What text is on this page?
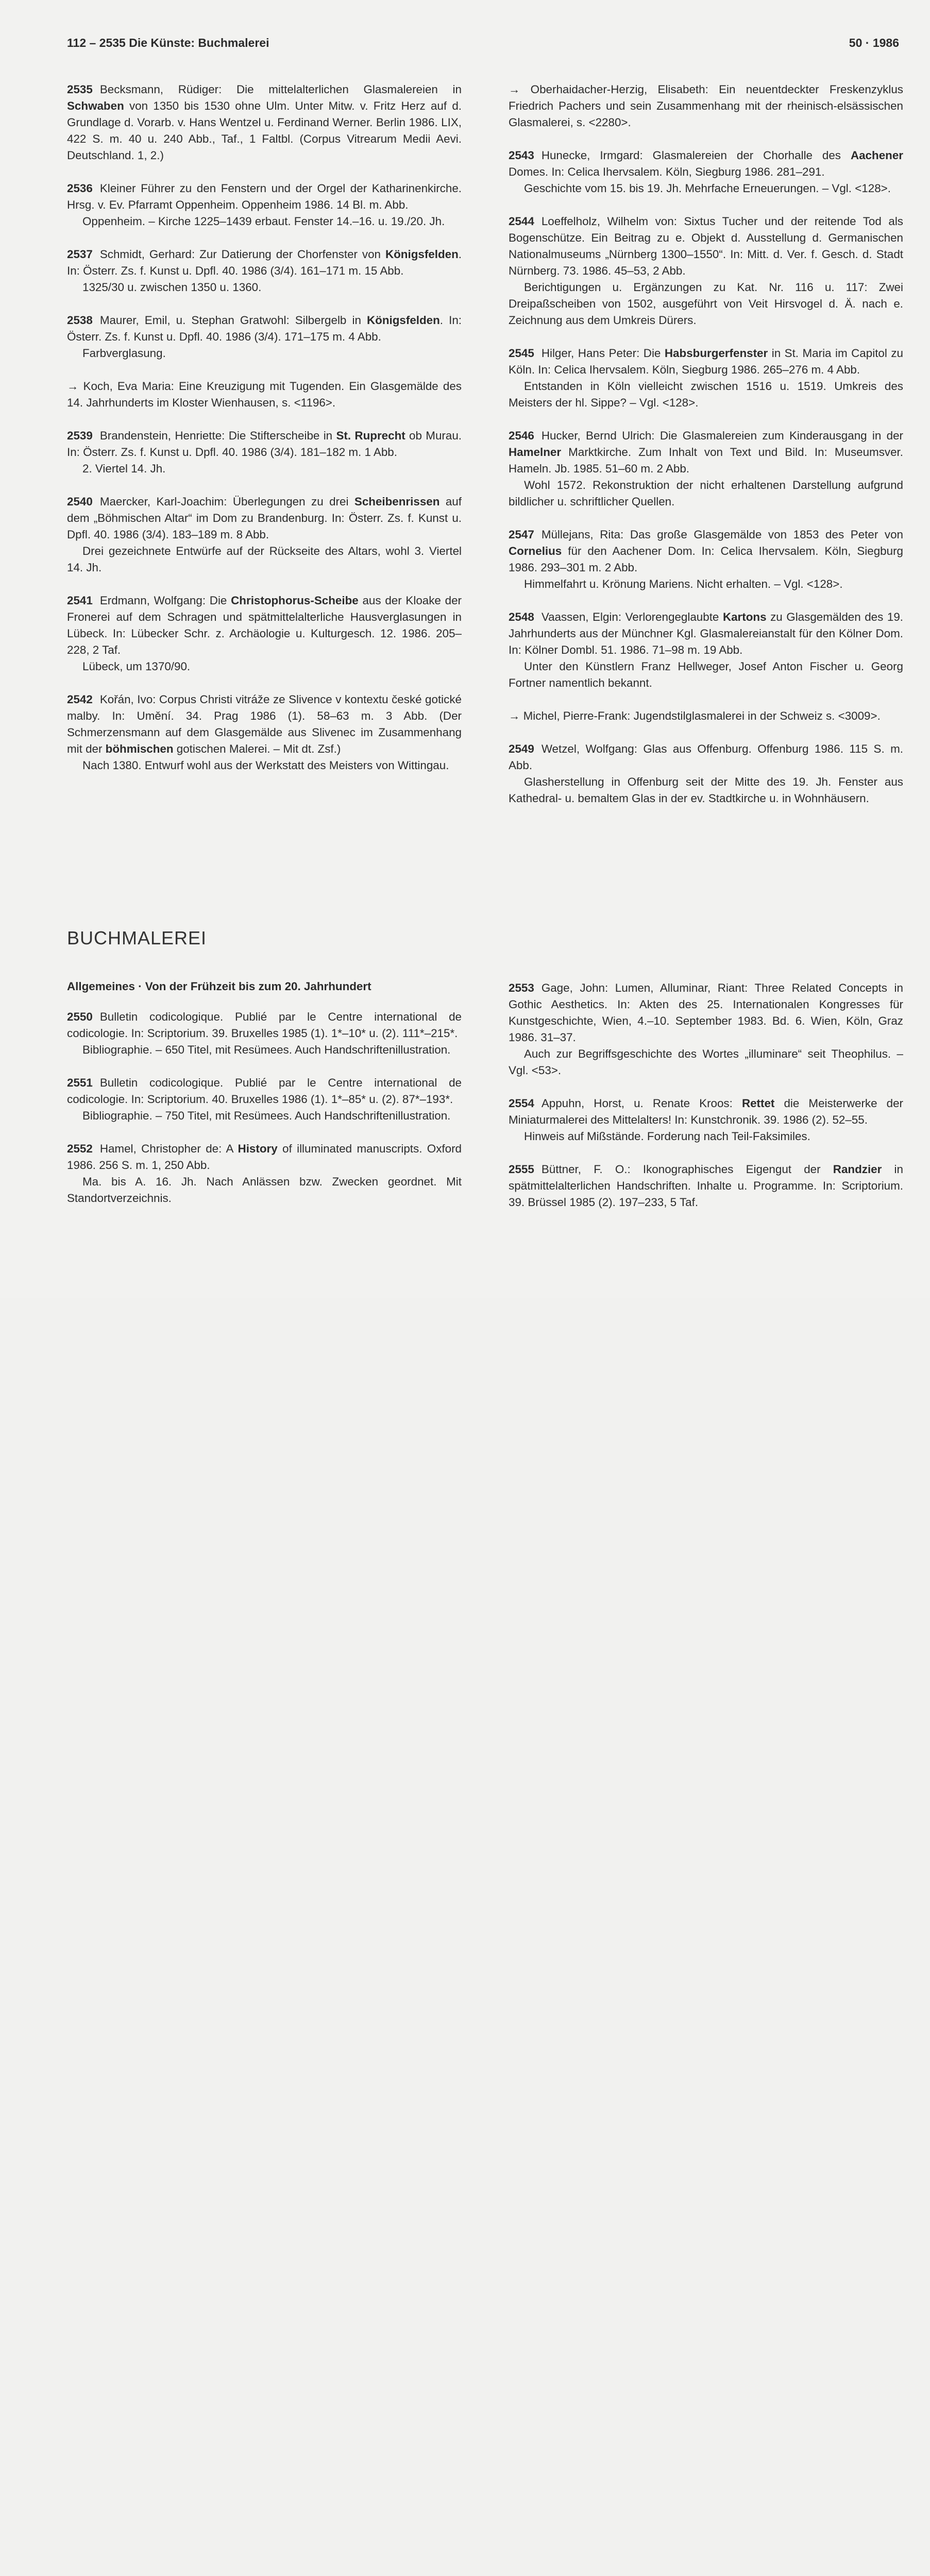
112 – 2535 Die Künste: Buchmalerei	50 · 1986
2535 Becksmann, Rüdiger: Die mittelalterlichen Glasmalereien in Schwaben von 1350 bis 1530 ohne Ulm. Unter Mitw. v. Fritz Herz auf d. Grundlage d. Vorarb. v. Hans Wentzel u. Ferdinand Werner. Berlin 1986. LIX, 422 S. m. 40 u. 240 Abb., Taf., 1 Faltbl. (Corpus Vitrearum Medii Aevi. Deutschland. 1, 2.)
2536 Kleiner Führer zu den Fenstern und der Orgel der Katharinenkirche. Hrsg. v. Ev. Pfarramt Oppenheim. Oppenheim 1986. 14 Bl. m. Abb.
Oppenheim. – Kirche 1225–1439 erbaut. Fenster 14.–16. u. 19./20. Jh.
2537 Schmidt, Gerhard: Zur Datierung der Chorfenster von Königsfelden. In: Österr. Zs. f. Kunst u. Dpfl. 40. 1986 (3/4). 161–171 m. 15 Abb.
1325/30 u. zwischen 1350 u. 1360.
2538 Maurer, Emil, u. Stephan Gratwohl: Silbergelb in Königsfelden. In: Österr. Zs. f. Kunst u. Dpfl. 40. 1986 (3/4). 171–175 m. 4 Abb.
Farbverglasung.
→ Koch, Eva Maria: Eine Kreuzigung mit Tugenden. Ein Glasgemälde des 14. Jahrhunderts im Kloster Wienhausen, s. <1196>.
2539 Brandenstein, Henriette: Die Stifterscheibe in St. Ruprecht ob Murau. In: Österr. Zs. f. Kunst u. Dpfl. 40. 1986 (3/4). 181–182 m. 1 Abb.
2. Viertel 14. Jh.
2540 Maercker, Karl-Joachim: Überlegungen zu drei Scheibenrissen auf dem „Böhmischen Altar“ im Dom zu Brandenburg. In: Österr. Zs. f. Kunst u. Dpfl. 40. 1986 (3/4). 183–189 m. 8 Abb.
Drei gezeichnete Entwürfe auf der Rückseite des Altars, wohl 3. Viertel 14. Jh.
2541 Erdmann, Wolfgang: Die Christophorus-Scheibe aus der Kloake der Fronerei auf dem Schragen und spätmittelalterliche Hausverglasungen in Lübeck. In: Lübecker Schr. z. Archäologie u. Kulturgesch. 12. 1986. 205–228, 2 Taf.
Lübeck, um 1370/90.
2542 Kořán, Ivo: Corpus Christi vitráže ze Slivence v kontextu české gotické malby. In: Umění. 34. Prag 1986 (1). 58–63 m. 3 Abb. (Der Schmerzensmann auf dem Glasgemälde aus Slivenec im Zusammenhang mit der böhmischen gotischen Malerei. – Mit dt. Zsf.)
Nach 1380. Entwurf wohl aus der Werkstatt des Meisters von Wittingau.
→ Oberhaidacher-Herzig, Elisabeth: Ein neuentdeckter Freskenzyklus Friedrich Pachers und sein Zusammenhang mit der rheinisch-elsässischen Glasmalerei, s. <2280>.
2543 Hunecke, Irmgard: Glasmalereien der Chorhalle des Aachener Domes. In: Celica Ihervsalem. Köln, Siegburg 1986. 281–291.
Geschichte vom 15. bis 19. Jh. Mehrfache Erneuerungen. – Vgl. <128>.
2544 Loeffelholz, Wilhelm von: Sixtus Tucher und der reitende Tod als Bogenschütze. Ein Beitrag zu e. Objekt d. Ausstellung d. Germanischen Nationalmuseums „Nürnberg 1300–1550“. In: Mitt. d. Ver. f. Gesch. d. Stadt Nürnberg. 73. 1986. 45–53, 2 Abb.
Berichtigungen u. Ergänzungen zu Kat. Nr. 116 u. 117: Zwei Dreipaßscheiben von 1502, ausgeführt von Veit Hirsvogel d. Ä. nach e. Zeichnung aus dem Umkreis Dürers.
2545 Hilger, Hans Peter: Die Habsburgerfenster in St. Maria im Capitol zu Köln. In: Celica Ihervsalem. Köln, Siegburg 1986. 265–276 m. 4 Abb.
Entstanden in Köln vielleicht zwischen 1516 u. 1519. Umkreis des Meisters der hl. Sippe? – Vgl. <128>.
2546 Hucker, Bernd Ulrich: Die Glasmalereien zum Kinderausgang in der Hamelner Marktkirche. Zum Inhalt von Text und Bild. In: Museumsver. Hameln. Jb. 1985. 51–60 m. 2 Abb.
Wohl 1572. Rekonstruktion der nicht erhaltenen Darstellung aufgrund bildlicher u. schriftlicher Quellen.
2547 Müllejans, Rita: Das große Glasgemälde von 1853 des Peter von Cornelius für den Aachener Dom. In: Celica Ihervsalem. Köln, Siegburg 1986. 293–301 m. 2 Abb.
Himmelfahrt u. Krönung Mariens. Nicht erhalten. – Vgl. <128>.
2548 Vaassen, Elgin: Verlorengeglaubte Kartons zu Glasgemälden des 19. Jahrhunderts aus der Münchner Kgl. Glasmalereianstalt für den Kölner Dom. In: Kölner Dombl. 51. 1986. 71–98 m. 19 Abb.
Unter den Künstlern Franz Hellweger, Josef Anton Fischer u. Georg Fortner namentlich bekannt.
→ Michel, Pierre-Frank: Jugendstilglasmalerei in der Schweiz s. <3009>.
2549 Wetzel, Wolfgang: Glas aus Offenburg. Offenburg 1986. 115 S. m. Abb.
Glasherstellung in Offenburg seit der Mitte des 19. Jh. Fenster aus Kathedral- u. bemaltem Glas in der ev. Stadtkirche u. in Wohnhäusern.
BUCHMALEREI
Allgemeines · Von der Frühzeit bis zum 20. Jahrhundert
2550 Bulletin codicologique. Publié par le Centre international de codicologie. In: Scriptorium. 39. Bruxelles 1985 (1). 1*–10* u. (2). 111*–215*.
Bibliographie. – 650 Titel, mit Resümees. Auch Handschriftenillustration.
2551 Bulletin codicologique. Publié par le Centre international de codicologie. In: Scriptorium. 40. Bruxelles 1986 (1). 1*–85* u. (2). 87*–193*.
Bibliographie. – 750 Titel, mit Resümees. Auch Handschriftenillustration.
2552 Hamel, Christopher de: A History of illuminated manuscripts. Oxford 1986. 256 S. m. 1, 250 Abb.
Ma. bis A. 16. Jh. Nach Anlässen bzw. Zwecken geordnet. Mit Standortverzeichnis.
2553 Gage, John: Lumen, Alluminar, Riant: Three Related Concepts in Gothic Aesthetics. In: Akten des 25. Internationalen Kongresses für Kunstgeschichte, Wien, 4.–10. September 1983. Bd. 6. Wien, Köln, Graz 1986. 31–37.
Auch zur Begriffsgeschichte des Wortes „illuminare“ seit Theophilus. – Vgl. <53>.
2554 Appuhn, Horst, u. Renate Kroos: Rettet die Meisterwerke der Miniaturmalerei des Mittelalters! In: Kunstchronik. 39. 1986 (2). 52–55.
Hinweis auf Mißstände. Forderung nach Teil-Faksimiles.
2555 Büttner, F. O.: Ikonographisches Eigengut der Randzier in spätmittelalterlichen Handschriften. Inhalte u. Programme. In: Scriptorium. 39. Brüssel 1985 (2). 197–233, 5 Taf.
